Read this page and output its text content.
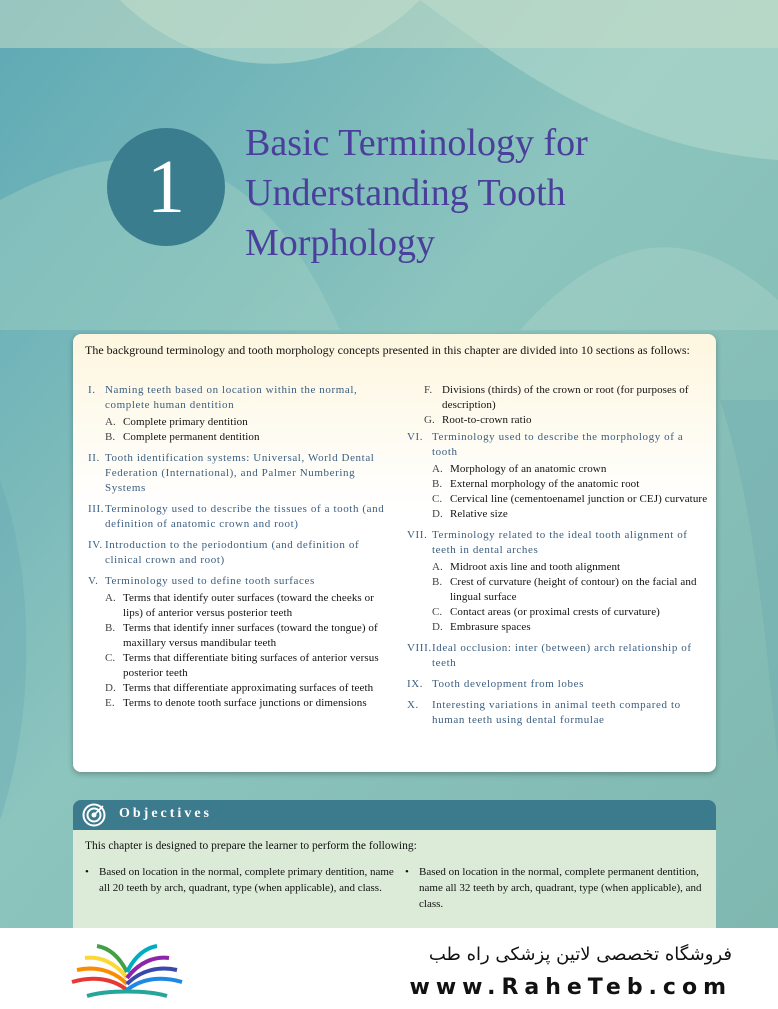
1
Basic Terminology for
Understanding Tooth
Morphology

The background terminology and tooth morphology concepts presented in this chapter are divided into 10 sections as follows:

I. Naming teeth based on location within the normal, complete human dentition
A. Complete primary dentition
B. Complete permanent dentition
II. Tooth identification systems: Universal, World Dental Federation (International), and Palmer Numbering Systems
III. Terminology used to describe the tissues of a tooth (and definition of anatomic crown and root)
IV. Introduction to the periodontium (and definition of clinical crown and root)
V. Terminology used to define tooth surfaces
A. Terms that identify outer surfaces (toward the cheeks or lips) of anterior versus posterior teeth
B. Terms that identify inner surfaces (toward the tongue) of maxillary versus mandibular teeth
C. Terms that differentiate biting surfaces of anterior versus posterior teeth
D. Terms that differentiate approximating surfaces of teeth
E. Terms to denote tooth surface junctions or dimensions
F. Divisions (thirds) of the crown or root (for purposes of description)
G. Root-to-crown ratio
VI. Terminology used to describe the morphology of a tooth
A. Morphology of an anatomic crown
B. External morphology of the anatomic root
C. Cervical line (cementoenamel junction or CEJ) curvature
D. Relative size
VII. Terminology related to the ideal tooth alignment of teeth in dental arches
A. Midroot axis line and tooth alignment
B. Crest of curvature (height of contour) on the facial and lingual surface
C. Contact areas (or proximal crests of curvature)
D. Embrasure spaces
VIII. Ideal occlusion: inter (between) arch relationship of teeth
IX. Tooth development from lobes
X. Interesting variations in animal teeth compared to human teeth using dental formulae
Objectives

This chapter is designed to prepare the learner to perform the following:

• Based on location in the normal, complete primary dentition, name all 20 teeth by arch, quadrant, type (when applicable), and class.
• Based on location in the normal, complete permanent dentition, name all 32 teeth by arch, quadrant, type (when applicable), and class.
فروشگاه تخصصی لاتین پزشکی راه طب
www.RaheTeb.com
